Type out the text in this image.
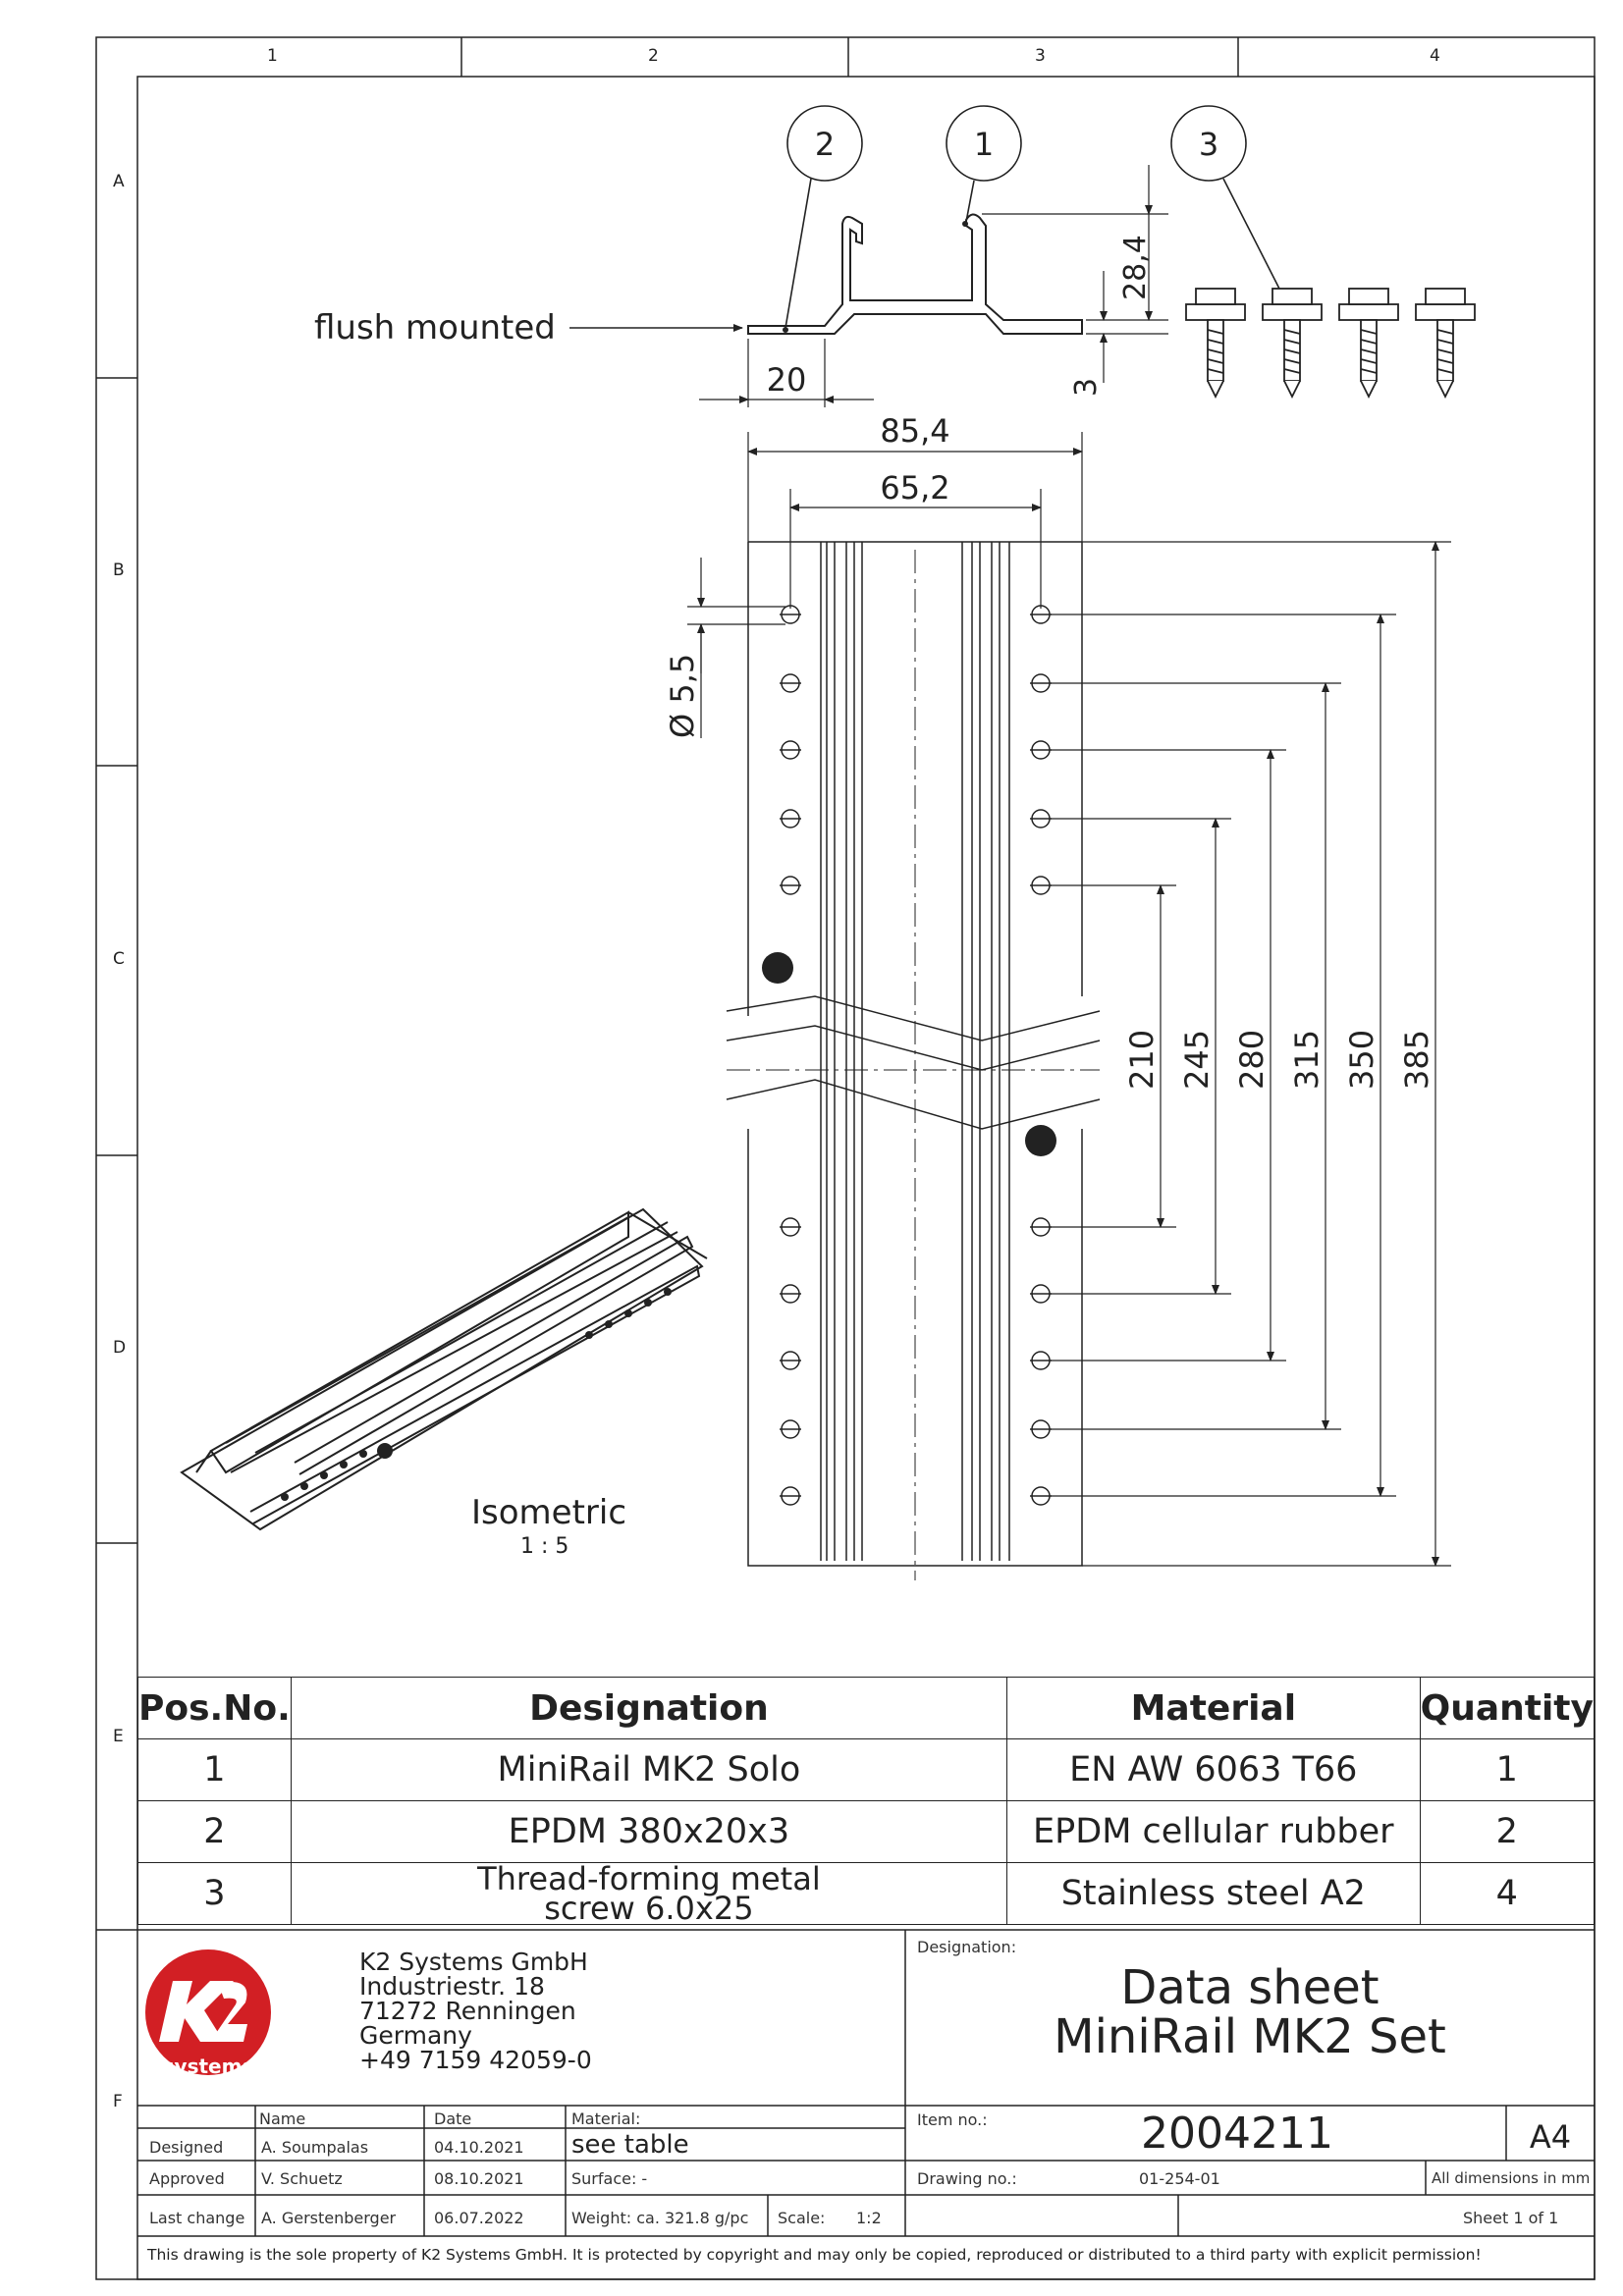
1	2	3	4
A
B
C
D
E
F
2	1	3
flush mounted
20
28,4
3
85,4
65,2
Ø 5,5
210 245 280 315 350 385
Isometric
1 : 5
systems
Pos.No.	Designation	Material	Quantity
1	MiniRail MK2 Solo	EN AW 6063 T66	1
2	EPDM 380x20x3	EPDM cellular rubber	2
3	Thread-forming metal screw 6.0x25	Stainless steel A2	4
K2 Systems GmbH
Industriestr. 18
71272 Renningen
Germany
+49 7159 42059-0
Designation:
Data sheet
MiniRail MK2 Set
Item no.:	2004211	A4
Drawing no.:	01-254-01	All dimensions in mm
Sheet 1 of 1
Name	Date	Material:
see table
Designed A. Soumpalas	04.10.2021
Approved V. Schuetz	08.10.2021	Surface: -
Last change A. Gerstenberger 06.07.2022	Weight: ca. 321.8 g/pc Scale: 1:2
This drawing is the sole property of K2 Systems GmbH. It is protected by copyright and may only be copied, reproduced or distributed to a third party with explicit permission!
